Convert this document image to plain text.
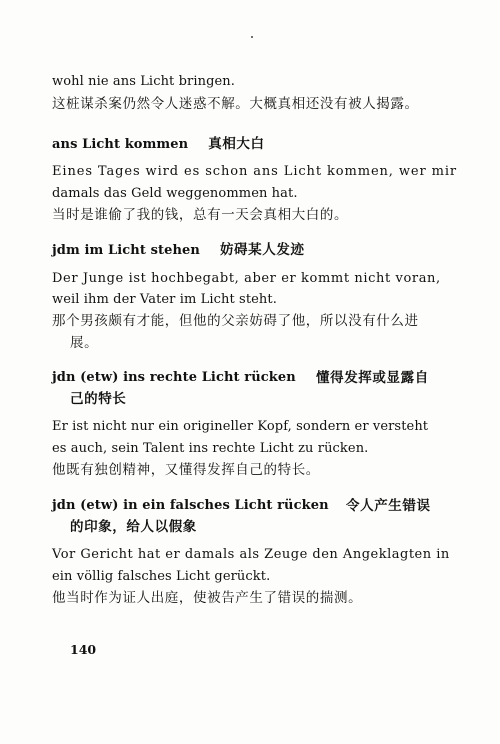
wohl nie ans Licht bringen.
这桩谋杀案仍然令人迷惑不解。大概真相还没有被人揭露。
ans Licht kommen 真相大白
Eines Tages wird es schon ans Licht kommen, wer mir
damals das Geld weggenommen hat.
当时是谁偷了我的钱，总有一天会真相大白的。
jdm im Licht stehen 妨碍某人发迹
Der Junge ist hochbegabt, aber er kommt nicht voran,
weil ihm der Vater im Licht steht.
那个男孩颇有才能，但他的父亲妨碍了他，所以没有什么进
展。
jdn (etw) ins rechte Licht rücken 懂得发挥或显露自
己的特长
Er ist nicht nur ein origineller Kopf, sondern er versteht
es auch, sein Talent ins rechte Licht zu rücken.
他既有独创精神，又懂得发挥自己的特长。
jdn (etw) in ein falsches Licht rücken 令人产生错误
的印象，给人以假象
Vor Gericht hat er damals als Zeuge den Angeklagten in
ein völlig falsches Licht gerückt.
他当时作为证人出庭，使被告产生了错误的揣测。
140
